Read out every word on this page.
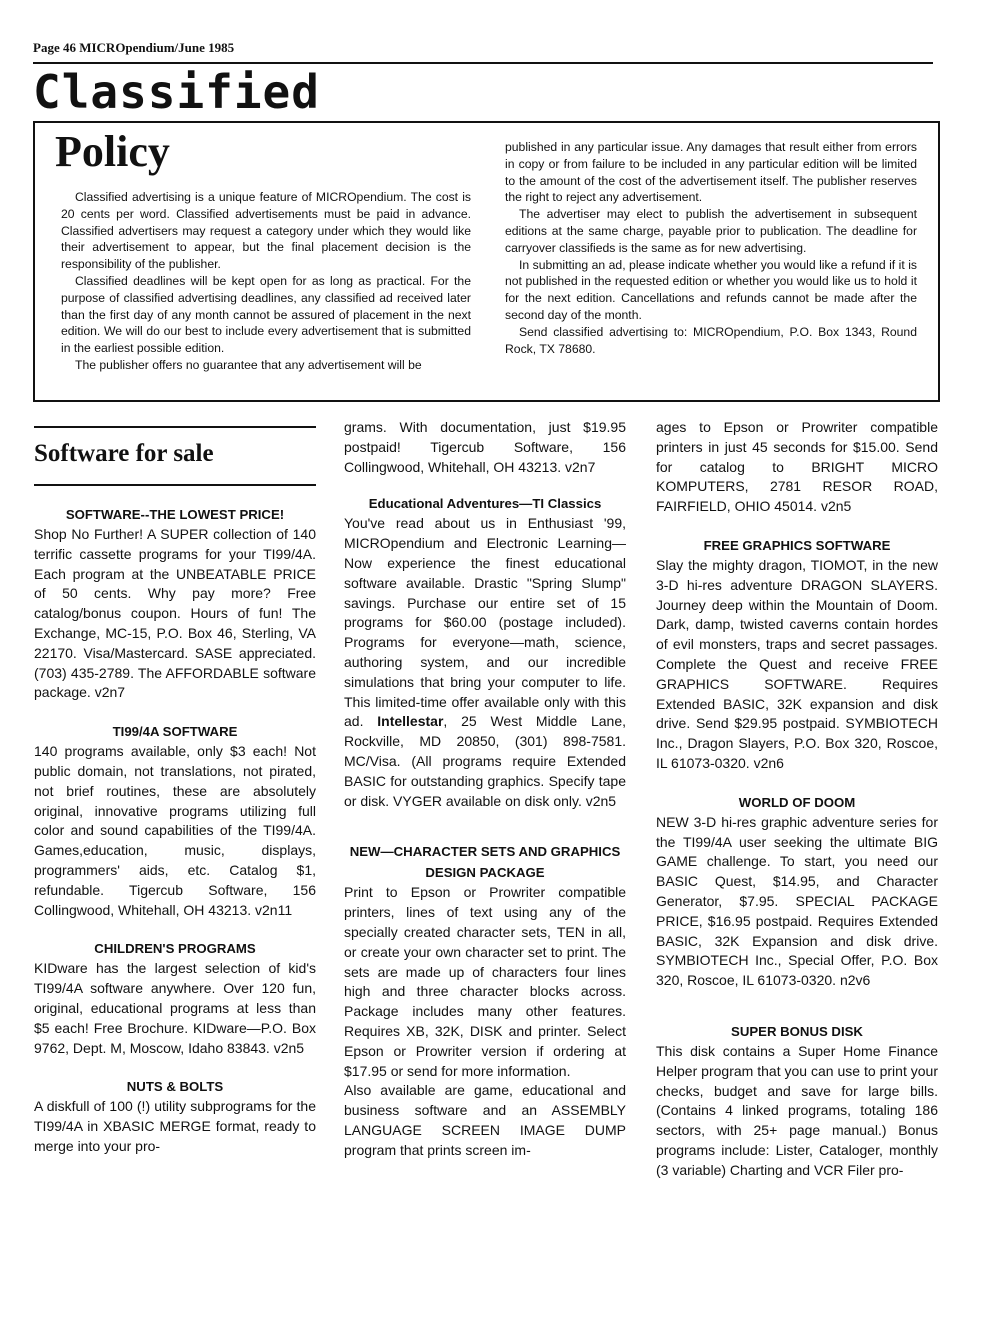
Page 46 MICROpendium/June 1985
Classified
Policy

Classified advertising is a unique feature of MICROpendium. The cost is 20 cents per word. Classified advertisements must be paid in advance. Classified advertisers may request a category under which they would like their advertisement to appear, but the final placement decision is the responsibility of the publisher.

Classified deadlines will be kept open for as long as practical. For the purpose of classified advertising deadlines, any classified ad received later than the first day of any month cannot be assured of placement in the next edition. We will do our best to include every advertisement that is submitted in the earliest possible edition.

The publisher offers no guarantee that any advertisement will be

published in any particular issue. Any damages that result either from errors in copy or from failure to be included in any particular edition will be limited to the amount of the cost of the advertisement itself. The publisher reserves the right to reject any advertisement.

The advertiser may elect to publish the advertisement in subsequent editions at the same charge, payable prior to publication. The deadline for carryover classifieds is the same as for new advertising.

In submitting an ad, please indicate whether you would like a refund if it is not published in the requested edition or whether you would like us to hold it for the next edition. Cancellations and refunds cannot be made after the second day of the month.

Send classified advertising to: MICROpendium, P.O. Box 1343, Round Rock, TX 78680.

Software for sale
SOFTWARE--THE LOWEST PRICE!

Shop No Further! A SUPER collection of 140 terrific cassette programs for your TI99/4A. Each program at the UNBEATABLE PRICE of 50 cents. Why pay more? Free catalog/bonus coupon. Hours of fun! The Exchange, MC-15, P.O. Box 46, Sterling, VA 22170. Visa/Mastercard. SASE appreciated. (703) 435-2789. The AFFORDABLE software package. v2n7

TI99/4A SOFTWARE

140 programs available, only $3 each! Not public domain, not translations, not pirated, not brief routines, these are absolutely original, innovative programs utilizing full color and sound capabilities of the TI99/4A. Games,education, music, displays, programmers' aids, etc. Catalog $1, refundable. Tigercub Software, 156 Collingwood, Whitehall, OH 43213. v2n11

CHILDREN'S PROGRAMS

KIDware has the largest selection of kid's TI99/4A software anywhere. Over 120 fun, original, educational programs at less than $5 each! Free Brochure. KIDware—P.O. Box 9762, Dept. M, Moscow, Idaho 83843. v2n5

NUTS & BOLTS

A diskfull of 100 (!) utility subprograms for the TI99/4A in XBASIC MERGE format, ready to merge into your pro-

grams. With documentation, just $19.95 postpaid! Tigercub Software, 156 Collingwood, Whitehall, OH 43213. v2n7

Educational Adventures—TI Classics

You've read about us in Enthusiast '99, MICROpendium and Electronic Learning—Now experience the finest educational software available. Drastic "Spring Slump" savings. Purchase our entire set of 15 programs for $60.00 (postage included). Programs for everyone—math, science, authoring system, and our incredible simulations that bring your computer to life. This limited-time offer available only with this ad. Intellestar, 25 West Middle Lane, Rockville, MD 20850, (301) 898-7581. MC/Visa. (All programs require Extended BASIC for outstanding graphics. Specify tape or disk. VYGER available on disk only. v2n5

NEW—CHARACTER SETS AND GRAPHICS DESIGN PACKAGE

Print to Epson or Prowriter compatible printers, lines of text using any of the specially created character sets, TEN in all, or create your own character set to print. The sets are made up of characters four lines high and three character blocks across. Package includes many other features. Requires XB, 32K, DISK and printer. Select Epson or Prowriter version if ordering at $17.95 or send for more information.

Also available are game, educational and business software and an ASSEMBLY LANGUAGE SCREEN IMAGE DUMP program that prints screen im-

ages to Epson or Prowriter compatible printers in just 45 seconds for $15.00. Send for catalog to BRIGHT MICRO KOMPUTERS, 2781 RESOR ROAD, FAIRFIELD, OHIO 45014. v2n5

FREE GRAPHICS SOFTWARE

Slay the mighty dragon, TIOMOT, in the new 3-D hi-res adventure DRAGON SLAYERS. Journey deep within the Mountain of Doom. Dark, damp, twisted caverns contain hordes of evil monsters, traps and secret passages. Complete the Quest and receive FREE GRAPHICS SOFTWARE. Requires Extended BASIC, 32K expansion and disk drive. Send $29.95 postpaid. SYMBIOTECH Inc., Dragon Slayers, P.O. Box 320, Roscoe, IL 61073-0320. v2n6

WORLD OF DOOM

NEW 3-D hi-res graphic adventure series for the TI99/4A user seeking the ultimate BIG GAME challenge. To start, you need our BASIC Quest, $14.95, and Character Generator, $7.95. SPECIAL PACKAGE PRICE, $16.95 postpaid. Requires Extended BASIC, 32K Expansion and disk drive. SYMBIOTECH Inc., Special Offer, P.O. Box 320, Roscoe, IL 61073-0320. n2v6

SUPER BONUS DISK

This disk contains a Super Home Finance Helper program that you can use to print your checks, budget and save for large bills. (Contains 4 linked programs, totaling 186 sectors, with 25+ page manual.) Bonus programs include: Lister, Cataloger, monthly (3 variable) Charting and VCR Filer pro-
